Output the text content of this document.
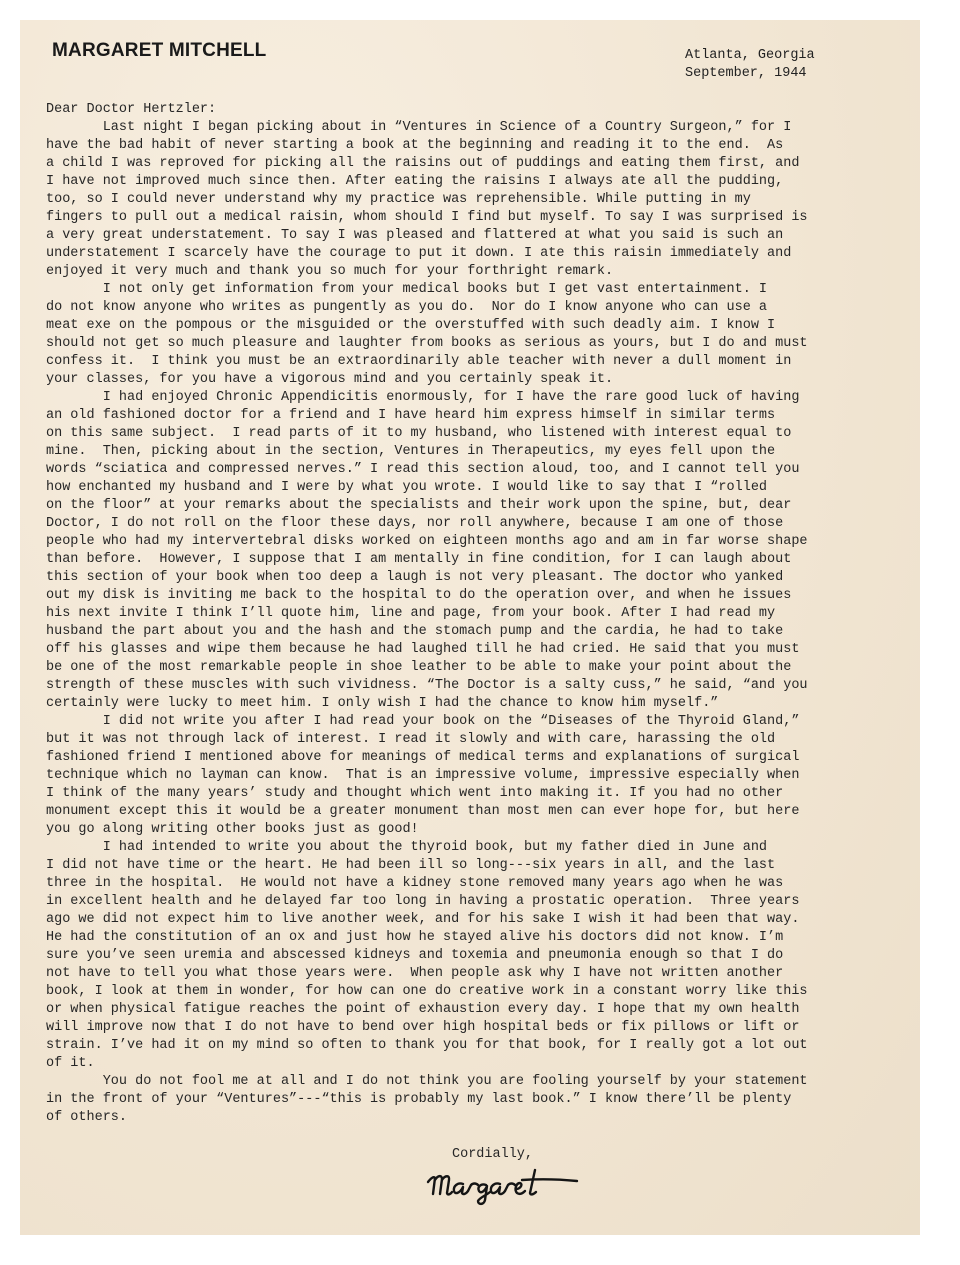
MARGARET MITCHELL	Atlanta, Georgia
September, 1944
Dear Doctor Hertzler:
Last night I began picking about in “Ventures in Science of a Country Surgeon,” for I
have the bad habit of never starting a book at the beginning and reading it to the end.  As
a child I was reproved for picking all the raisins out of puddings and eating them first, and
I have not improved much since then. After eating the raisins I always ate all the pudding,
too, so I could never understand why my practice was reprehensible. While putting in my
fingers to pull out a medical raisin, whom should I find but myself. To say I was surprised is
a very great understatement. To say I was pleased and flattered at what you said is such an
understatement I scarcely have the courage to put it down. I ate this raisin immediately and
enjoyed it very much and thank you so much for your forthright remark.
I not only get information from your medical books but I get vast entertainment. I
do not know anyone who writes as pungently as you do.  Nor do I know anyone who can use a
meat exe on the pompous or the misguided or the overstuffed with such deadly aim. I know I
should not get so much pleasure and laughter from books as serious as yours, but I do and must
confess it.  I think you must be an extraordinarily able teacher with never a dull moment in
your classes, for you have a vigorous mind and you certainly speak it.
I had enjoyed Chronic Appendicitis enormously, for I have the rare good luck of having
an old fashioned doctor for a friend and I have heard him express himself in similar terms
on this same subject.  I read parts of it to my husband, who listened with interest equal to
mine.  Then, picking about in the section, Ventures in Therapeutics, my eyes fell upon the
words “sciatica and compressed nerves.” I read this section aloud, too, and I cannot tell you
how enchanted my husband and I were by what you wrote. I would like to say that I “rolled
on the floor” at your remarks about the specialists and their work upon the spine, but, dear
Doctor, I do not roll on the floor these days, nor roll anywhere, because I am one of those
people who had my intervertebral disks worked on eighteen months ago and am in far worse shape
than before.  However, I suppose that I am mentally in fine condition, for I can laugh about
this section of your book when too deep a laugh is not very pleasant. The doctor who yanked
out my disk is inviting me back to the hospital to do the operation over, and when he issues
his next invite I think I’ll quote him, line and page, from your book. After I had read my
husband the part about you and the hash and the stomach pump and the cardia, he had to take
off his glasses and wipe them because he had laughed till he had cried. He said that you must
be one of the most remarkable people in shoe leather to be able to make your point about the
strength of these muscles with such vividness. “The Doctor is a salty cuss,” he said, “and you
certainly were lucky to meet him. I only wish I had the chance to know him myself.”
I did not write you after I had read your book on the “Diseases of the Thyroid Gland,”
but it was not through lack of interest. I read it slowly and with care, harassing the old
fashioned friend I mentioned above for meanings of medical terms and explanations of surgical
technique which no layman can know.  That is an impressive volume, impressive especially when
I think of the many years’ study and thought which went into making it. If you had no other
monument except this it would be a greater monument than most men can ever hope for, but here
you go along writing other books just as good!
I had intended to write you about the thyroid book, but my father died in June and
I did not have time or the heart. He had been ill so long---six years in all, and the last
three in the hospital.  He would not have a kidney stone removed many years ago when he was
in excellent health and he delayed far too long in having a prostatic operation.  Three years
ago we did not expect him to live another week, and for his sake I wish it had been that way.
He had the constitution of an ox and just how he stayed alive his doctors did not know. I’m
sure you’ve seen uremia and abscessed kidneys and toxemia and pneumonia enough so that I do
not have to tell you what those years were.  When people ask why I have not written another
book, I look at them in wonder, for how can one do creative work in a constant worry like this
or when physical fatigue reaches the point of exhaustion every day. I hope that my own health
will improve now that I do not have to bend over high hospital beds or fix pillows or lift or
strain. I’ve had it on my mind so often to thank you for that book, for I really got a lot out
of it.
You do not fool me at all and I do not think you are fooling yourself by your statement
in the front of your “Ventures”---“this is probably my last book.” I know there’ll be plenty
of others.
Cordially,
